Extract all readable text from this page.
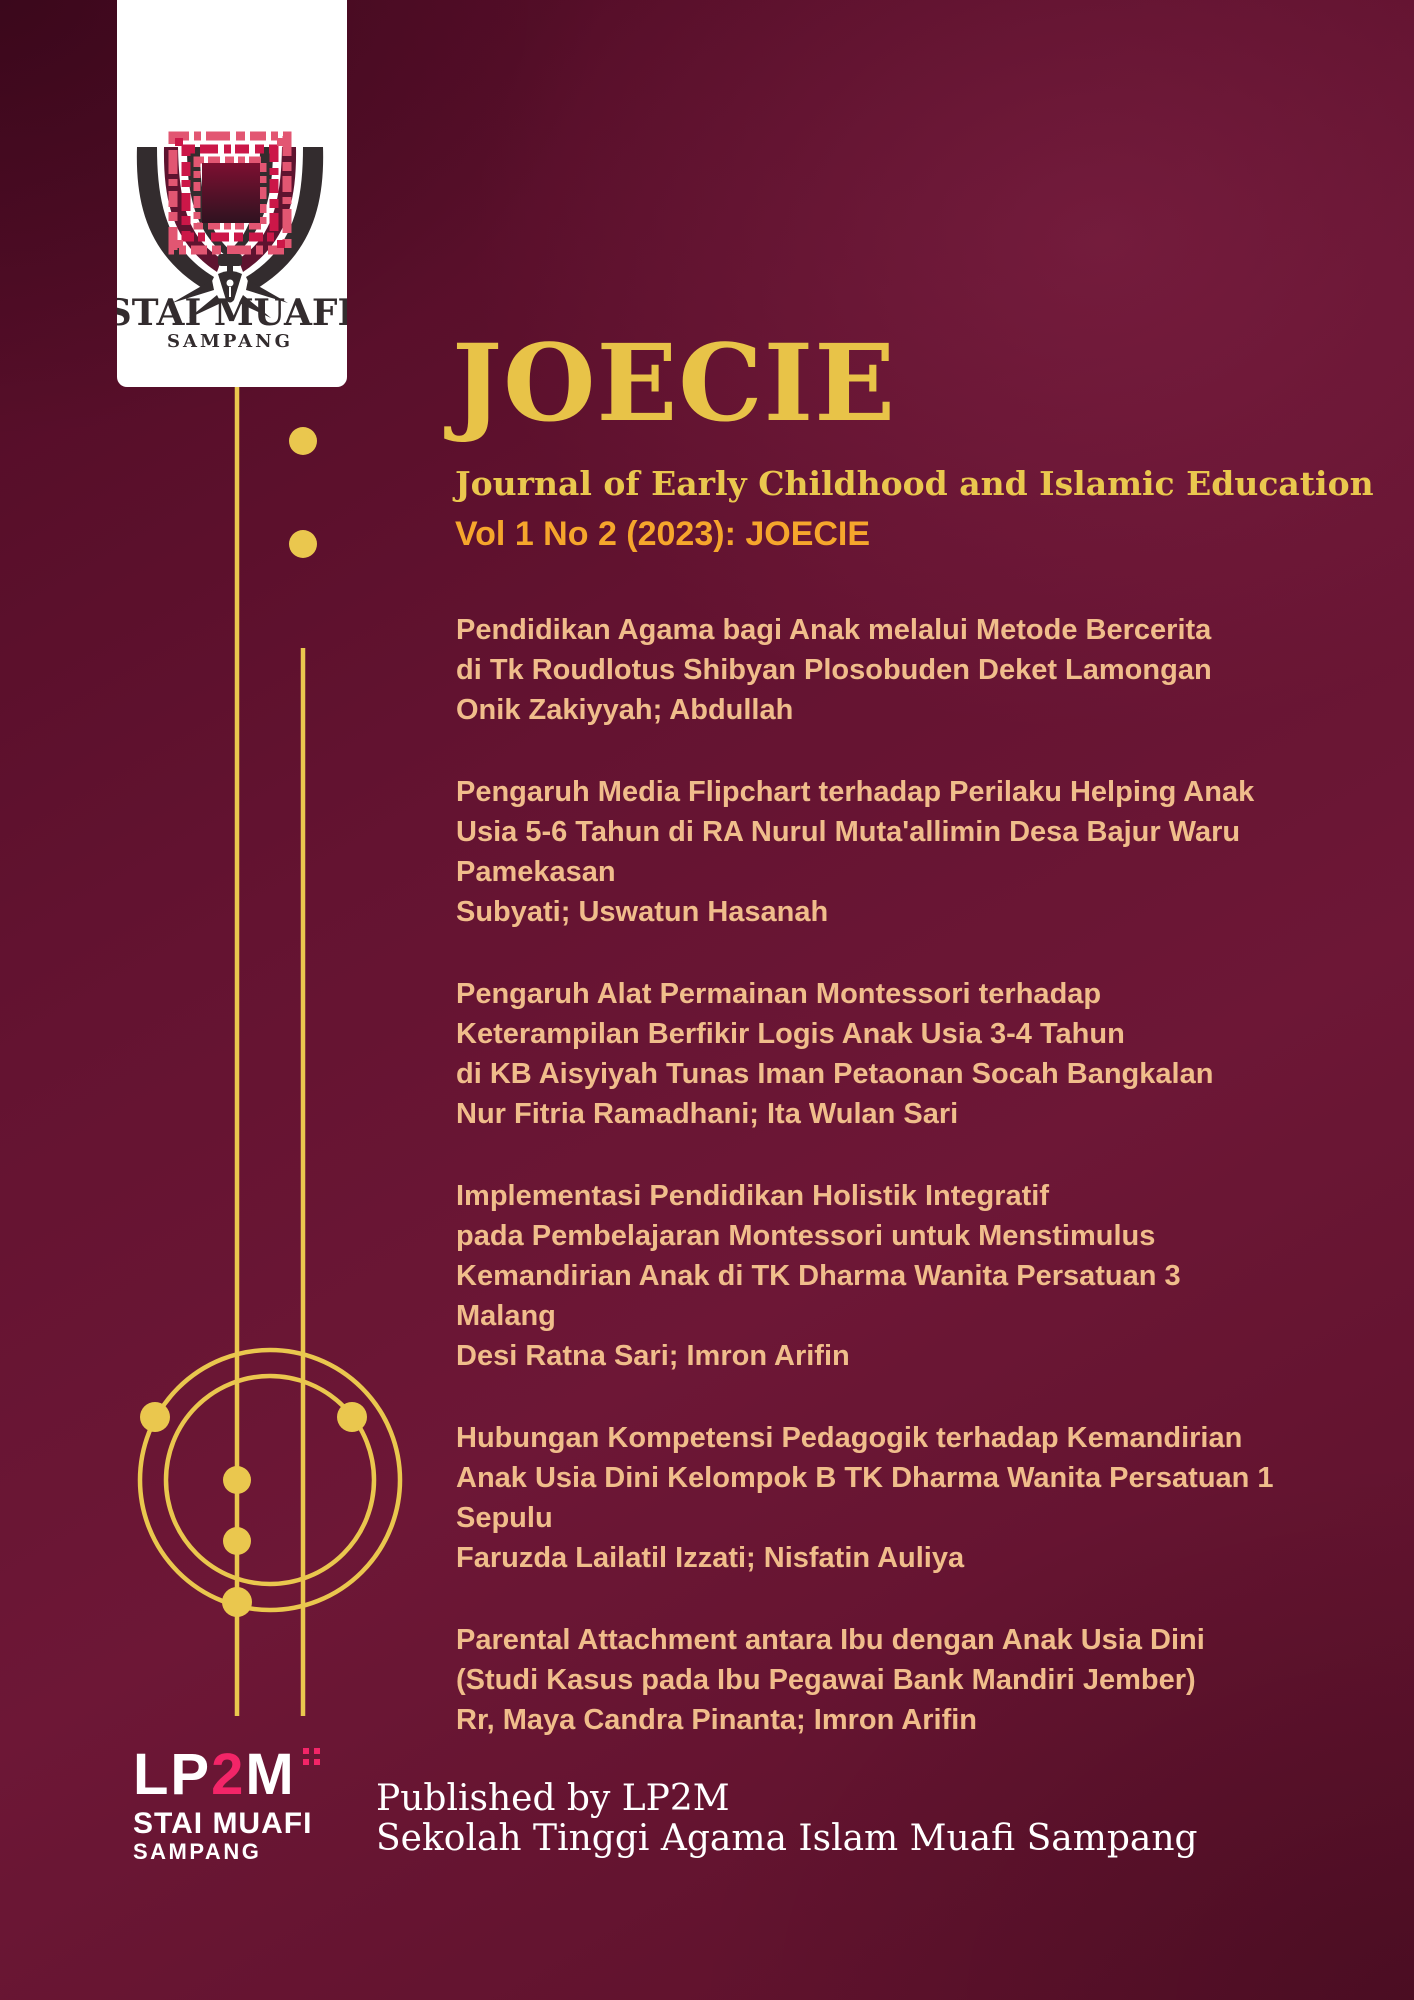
STAI MUAFI
SAMPANG JOECIE
Journal of Early Childhood and Islamic Education
Vol 1 No 2 (2023): JOECIE
Pendidikan Agama bagi Anak melalui Metode Bercerita
di Tk Roudlotus Shibyan Plosobuden Deket Lamongan
Onik Zakiyyah; Abdullah
Pengaruh Media Flipchart terhadap Perilaku Helping Anak
Usia 5-6 Tahun di RA Nurul Muta'allimin Desa Bajur Waru
Pamekasan
Subyati; Uswatun Hasanah
Pengaruh Alat Permainan Montessori terhadap
Keterampilan Berfikir Logis Anak Usia 3-4 Tahun
di KB Aisyiyah Tunas Iman Petaonan Socah Bangkalan
Nur Fitria Ramadhani; Ita Wulan Sari
Implementasi Pendidikan Holistik Integratif
pada Pembelajaran Montessori untuk Menstimulus
Kemandirian Anak di TK Dharma Wanita Persatuan 3
Malang
Desi Ratna Sari; Imron Arifin
Hubungan Kompetensi Pedagogik terhadap Kemandirian
Anak Usia Dini Kelompok B TK Dharma Wanita Persatuan 1
Sepulu
Faruzda Lailatil Izzati; Nisfatin Auliya
Parental Attachment antara Ibu dengan Anak Usia Dini
(Studi Kasus pada Ibu Pegawai Bank Mandiri Jember)
Rr, Maya Candra Pinanta; Imron Arifin
LP2M
STAI MUAFI
SAMPANG
Published by LP2M
Sekolah Tinggi Agama Islam Muafi Sampang
